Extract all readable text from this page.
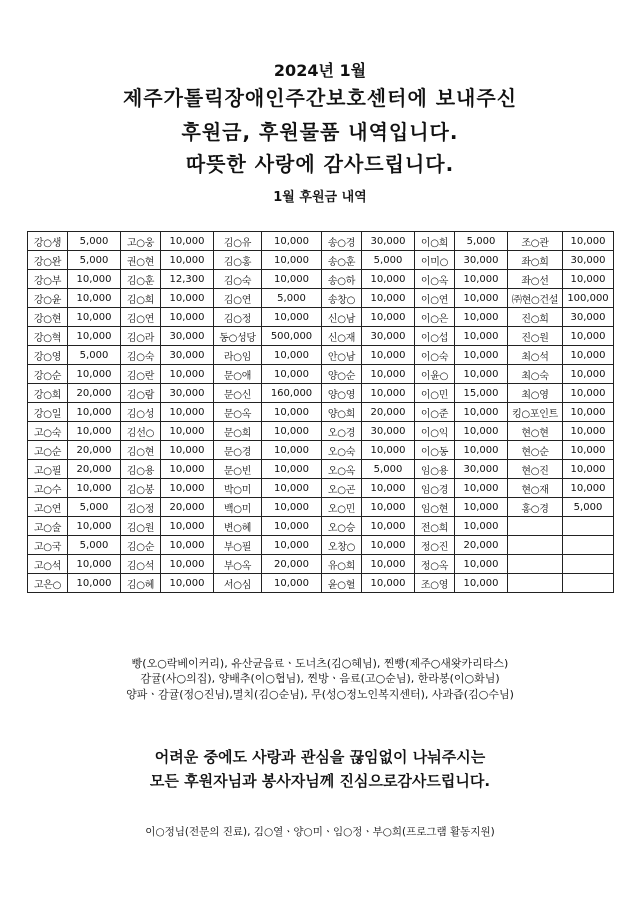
2024년 1월
제주가톨릭장애인주간보호센터에 보내주신
후원금, 후원물품 내역입니다.
따뜻한 사랑에 감사드립니다.
1월 후원금 내역
강○생	5,000	고○웅	10,000	김○유	10,000	송○경	30,000	이○희	5,000	조○관	10,000
강○완	5,000	권○현	10,000	김○홍	10,000	송○훈	5,000	이미○	30,000	좌○희	30,000
강○부	10,000	김○훈	12,300	김○숙	10,000	송○하	10,000	이○옥	10,000	좌○선	10,000
강○윤	10,000	김○희	10,000	김○연	5,000	송창○	10,000	이○연	10,000	㈜현○건설	100,000
강○현	10,000	김○연	10,000	김○정	10,000	신○남	10,000	이○은	10,000	진○희	30,000
강○혁	10,000	김○라	30,000	동○성당	500,000	신○재	30,000	이○섭	10,000	진○원	10,000
강○영	5,000	김○숙	30,000	라○임	10,000	안○남	10,000	이○숙	10,000	최○석	10,000
강○순	10,000	김○란	10,000	문○애	10,000	양○순	10,000	이윤○	10,000	최○숙	10,000
강○희	20,000	김○람	30,000	문○신	160,000	양○영	10,000	이○민	15,000	최○영	10,000
강○일	10,000	김○성	10,000	문○옥	10,000	양○희	20,000	이○준	10,000	킹○포인트	10,000
고○숙	10,000	김선○	10,000	문○희	10,000	오○경	30,000	이○익	10,000	현○현	10,000
고○순	20,000	김○현	10,000	문○경	10,000	오○숙	10,000	이○동	10,000	현○순	10,000
고○필	20,000	김○용	10,000	문○빈	10,000	오○옥	5,000	임○용	30,000	현○진	10,000
고○수	10,000	김○봉	10,000	박○미	10,000	오○곤	10,000	임○경	10,000	현○재	10,000
고○연	5,000	김○정	20,000	백○미	10,000	오○민	10,000	임○현	10,000	홍○경	5,000
고○술	10,000	김○원	10,000	변○혜	10,000	오○승	10,000	전○희	10,000		
고○국	5,000	김○순	10,000	부○필	10,000	오창○	10,000	정○진	20,000		
고○석	10,000	김○석	10,000	부○옥	20,000	유○희	10,000	정○옥	10,000		
고은○	10,000	김○혜	10,000	서○심	10,000	윤○혈	10,000	조○영	10,000		
빵(오○락베이커리), 유산균음료ㆍ도너츠(김○혜님), 찐빵(제주○새왓카리타스)
감귤(사○의집), 양배추(이○협님), 찐방ㆍ음료(고○순님), 한라봉(이○화님)
양파ㆍ감귤(정○진님),멸치(김○순님), 무(성○정노인복지센터), 사과즙(김○수님)
어려운 중에도 사랑과 관심을 끊임없이 나눠주시는
모든 후원자님과 봉사자님께 진심으로감사드립니다.
이○정님(전문의 진료), 김○열ㆍ양○미ㆍ임○정ㆍ부○희(프로그램 활동지원)
